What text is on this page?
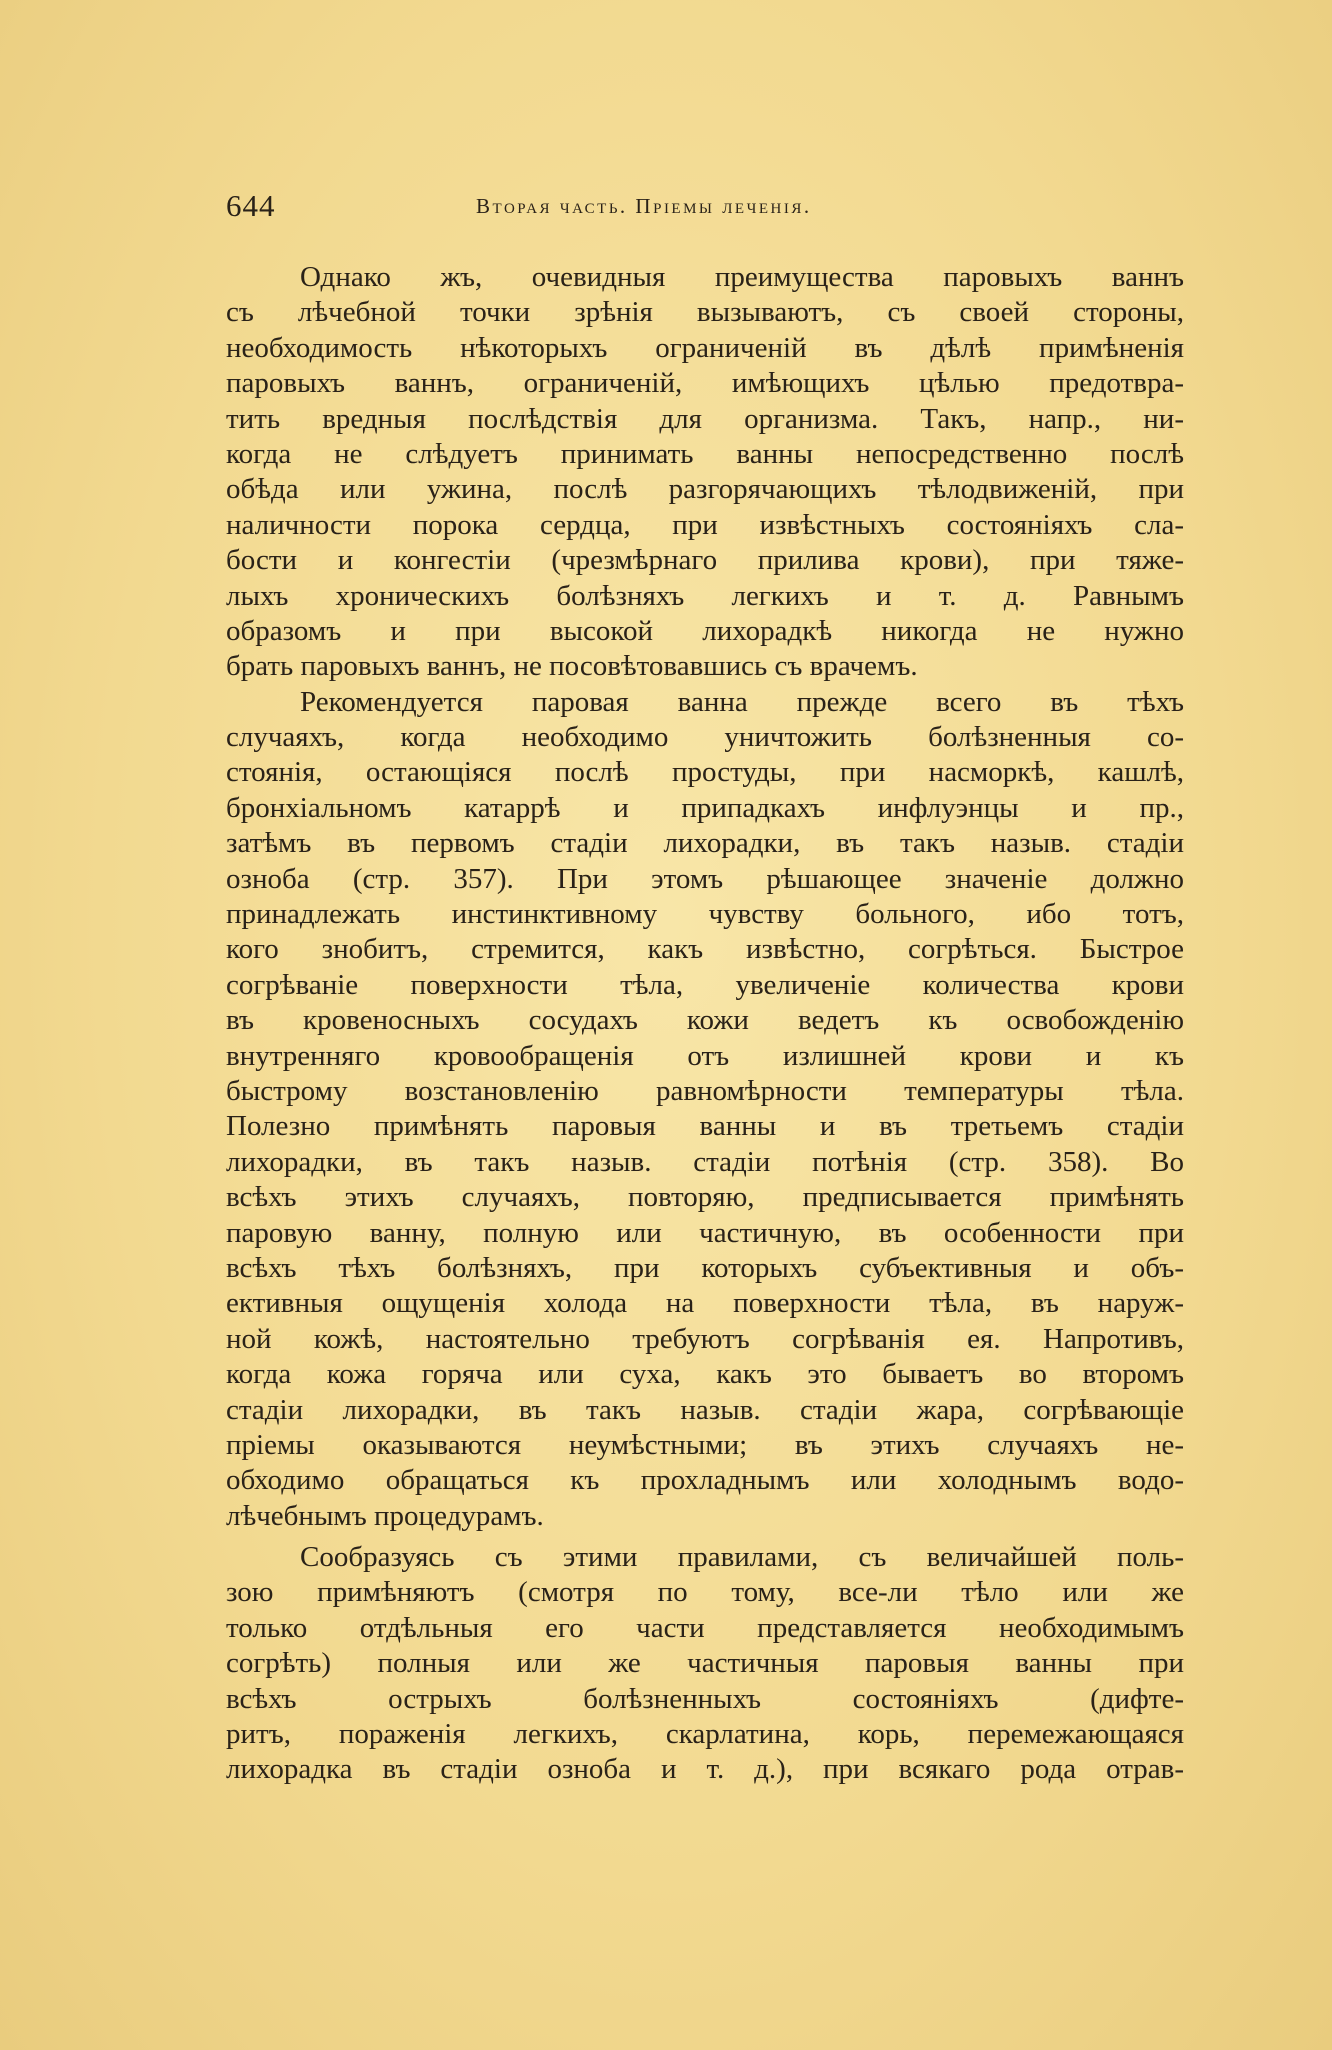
644	Вторая часть. Пріемы леченія.
Однако жъ, очевидныя преимущества паровыхъ ваннъ
съ лѣчебной точки зрѣнія вызываютъ, съ своей стороны,
необходимость нѣкоторыхъ ограниченій въ дѣлѣ примѣненія
паровыхъ ваннъ, ограниченій, имѣющихъ цѣлью предотвра-
тить вредныя послѣдствія для организма. Такъ, напр., ни-
когда не слѣдуетъ принимать ванны непосредственно послѣ
обѣда или ужина, послѣ разгорячающихъ тѣлодвиженій, при
наличности порока сердца, при извѣстныхъ состояніяхъ сла-
бости и конгестіи (чрезмѣрнаго прилива крови), при тяже-
лыхъ хроническихъ болѣзняхъ легкихъ и т. д. Равнымъ
образомъ и при высокой лихорадкѣ никогда не нужно
брать паровыхъ ваннъ, не посовѣтовавшись съ врачемъ.
Рекомендуется паровая ванна прежде всего въ тѣхъ
случаяхъ, когда необходимо уничтожить болѣзненныя со-
стоянія, остающіяся послѣ простуды, при насморкѣ, кашлѣ,
бронхіальномъ катаррѣ и припадкахъ инфлуэнцы и пр.,
затѣмъ въ первомъ стадіи лихорадки, въ такъ назыв. стадіи
озноба (стр. 357). При этомъ рѣшающее значеніе должно
принадлежать инстинктивному чувству больного, ибо тотъ,
кого знобитъ, стремится, какъ извѣстно, согрѣться. Быстрое
согрѣваніе поверхности тѣла, увеличеніе количества крови
въ кровеносныхъ сосудахъ кожи ведетъ къ освобожденію
внутренняго кровообращенія отъ излишней крови и къ
быстрому возстановленію равномѣрности температуры тѣла.
Полезно примѣнять паровыя ванны и въ третьемъ стадіи
лихорадки, въ такъ назыв. стадіи потѣнія (стр. 358). Во
всѣхъ этихъ случаяхъ, повторяю, предписывается примѣнять
паровую ванну, полную или частичную, въ особенности при
всѣхъ тѣхъ болѣзняхъ, при которыхъ субъективныя и объ-
ективныя ощущенія холода на поверхности тѣла, въ наруж-
ной кожѣ, настоятельно требуютъ согрѣванія ея. Напротивъ,
когда кожа горяча или суха, какъ это бываетъ во второмъ
стадіи лихорадки, въ такъ назыв. стадіи жара, согрѣвающіе
пріемы оказываются неумѣстными; въ этихъ случаяхъ не-
обходимо обращаться къ прохладнымъ или холоднымъ водо-
лѣчебнымъ процедурамъ.
Сообразуясь съ этими правилами, съ величайшей поль-
зою примѣняютъ (смотря по тому, все-ли тѣло или же
только отдѣльныя его части представляется необходимымъ
согрѣть) полныя или же частичныя паровыя ванны при
всѣхъ острыхъ болѣзненныхъ состояніяхъ (дифте-
ритъ, пораженія легкихъ, скарлатина, корь, перемежающаяся
лихорадка въ стадіи озноба и т. д.), при всякаго рода отрав-
